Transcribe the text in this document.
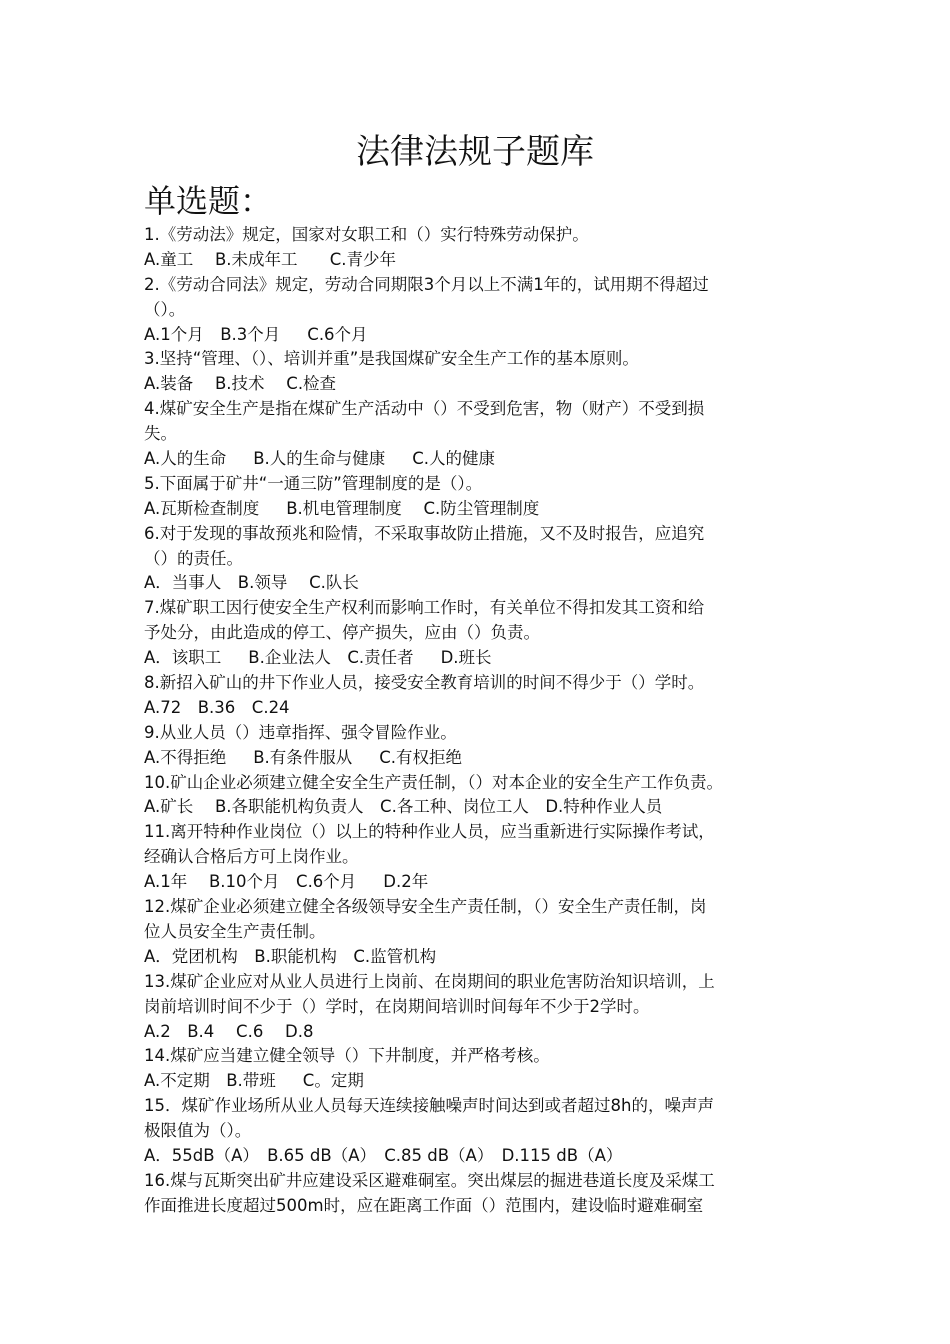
法律法规子题库
单选题：
1.《劳动法》规定，国家对女职工和（）实行特殊劳动保护。
A.童工　 B.未成年工　   C.青少年
2.《劳动合同法》规定，劳动合同期限3个月以上不满1年的，试用期不得超过
（）。
A.1个月　B.3个月　  C.6个月
3.坚持“管理、（）、培训并重”是我国煤矿安全生产工作的基本原则。
A.装备　 B.技术　 C.检查
4.煤矿安全生产是指在煤矿生产活动中（）不受到危害，物（财产）不受到损
失。
A.人的生命　  B.人的生命与健康　  C.人的健康
5.下面属于矿井“一通三防”管理制度的是（）。
A.瓦斯检查制度　  B.机电管理制度　 C.防尘管理制度
6.对于发现的事故预兆和险情，不采取事故防止措施，又不及时报告，应追究
（）的责任。
A．当事人　B.领导　 C.队长
7.煤矿职工因行使安全生产权利而影响工作时，有关单位不得扣发其工资和给
予处分，由此造成的停工、停产损失，应由（）负责。
A．该职工　  B.企业法人　C.责任者　  D.班长
8.新招入矿山的井下作业人员，接受安全教育培训的时间不得少于（）学时。
A.72　B.36　C.24
9.从业人员（）违章指挥、强令冒险作业。
A.不得拒绝　  B.有条件服从　  C.有权拒绝
10.矿山企业必须建立健全安全生产责任制，（）对本企业的安全生产工作负责。
A.矿长　 B.各职能机构负责人　C.各工种、岗位工人　D.特种作业人员
11.离开特种作业岗位（）以上的特种作业人员，应当重新进行实际操作考试，
经确认合格后方可上岗作业。
A.1年　 B.10个月　C.6个月　  D.2年
12.煤矿企业必须建立健全各级领导安全生产责任制，（）安全生产责任制，岗
位人员安全生产责任制。
A．党团机构　B.职能机构　C.监管机构
13.煤矿企业应对从业人员进行上岗前、在岗期间的职业危害防治知识培训，上
岗前培训时间不少于（）学时，在岗期间培训时间每年不少于2学时。
A.2　B.4　 C.6　 D.8
14.煤矿应当建立健全领导（）下井制度，并严格考核。
A.不定期　B.带班　  C。定期
15．煤矿作业场所从业人员每天连续接触噪声时间达到或者超过8h的，噪声声
极限值为（）。
A．55dB（A）　B.65 dB（A）　C.85 dB（A）　D.115 dB（A）
16.煤与瓦斯突出矿井应建设采区避难硐室。突出煤层的掘进巷道长度及采煤工
作面推进长度超过500m时，应在距离工作面（）范围内，建设临时避难硐室
